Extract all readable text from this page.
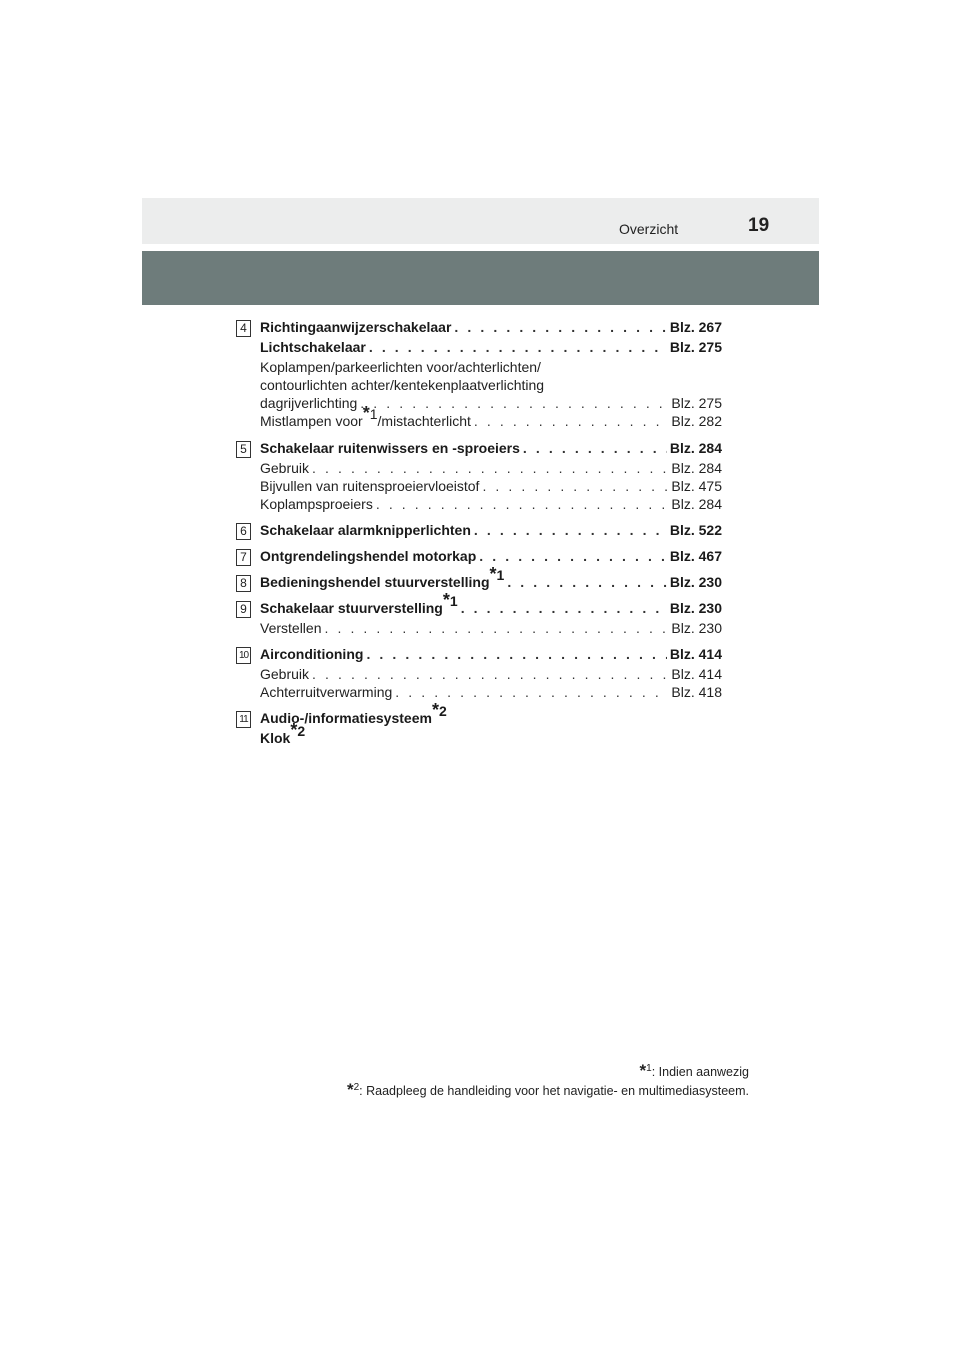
Overzicht	19
4 Richtingaanwijzerschakelaar . . .	Blz. 267
Lichtschakelaar . . .	Blz. 275
Koplampen/parkeerlichten voor/achterlichten/
contourlichten achter/kentekenplaatverlichting
dagrijverlichting . . .	Blz. 275
Mistlampen voor$^{*1}$/mistachterlicht . . .	Blz. 282
5 Schakelaar ruitenwissers en -sproeiers . . .	Blz. 284
Gebruik . . .	Blz. 284
Bijvullen van ruitensproeiervloeistof . . .	Blz. 475
Koplampsproeiers . . .	Blz. 284
6 Schakelaar alarmknipperlichten . . .	Blz. 522
7 Ontgrendelingshendel motorkap . . .	Blz. 467
8 Bedieningshendel stuurverstelling$^{*1}$ . . .	Blz. 230
9 Schakelaar stuurverstelling$^{*1}$ . . .	Blz. 230
Verstellen . . .	Blz. 230
10 Airconditioning . . .	Blz. 414
Gebruik . . .	Blz. 414
Achterruitverwarming . . .	Blz. 418
11 Audio-/informatiesysteem$^{*2}$
Klok$^{*2}$
*$^1$: Indien aanwezig
*$^2$: Raadpleeg de handleiding voor het navigatie- en multimediasysteem.
